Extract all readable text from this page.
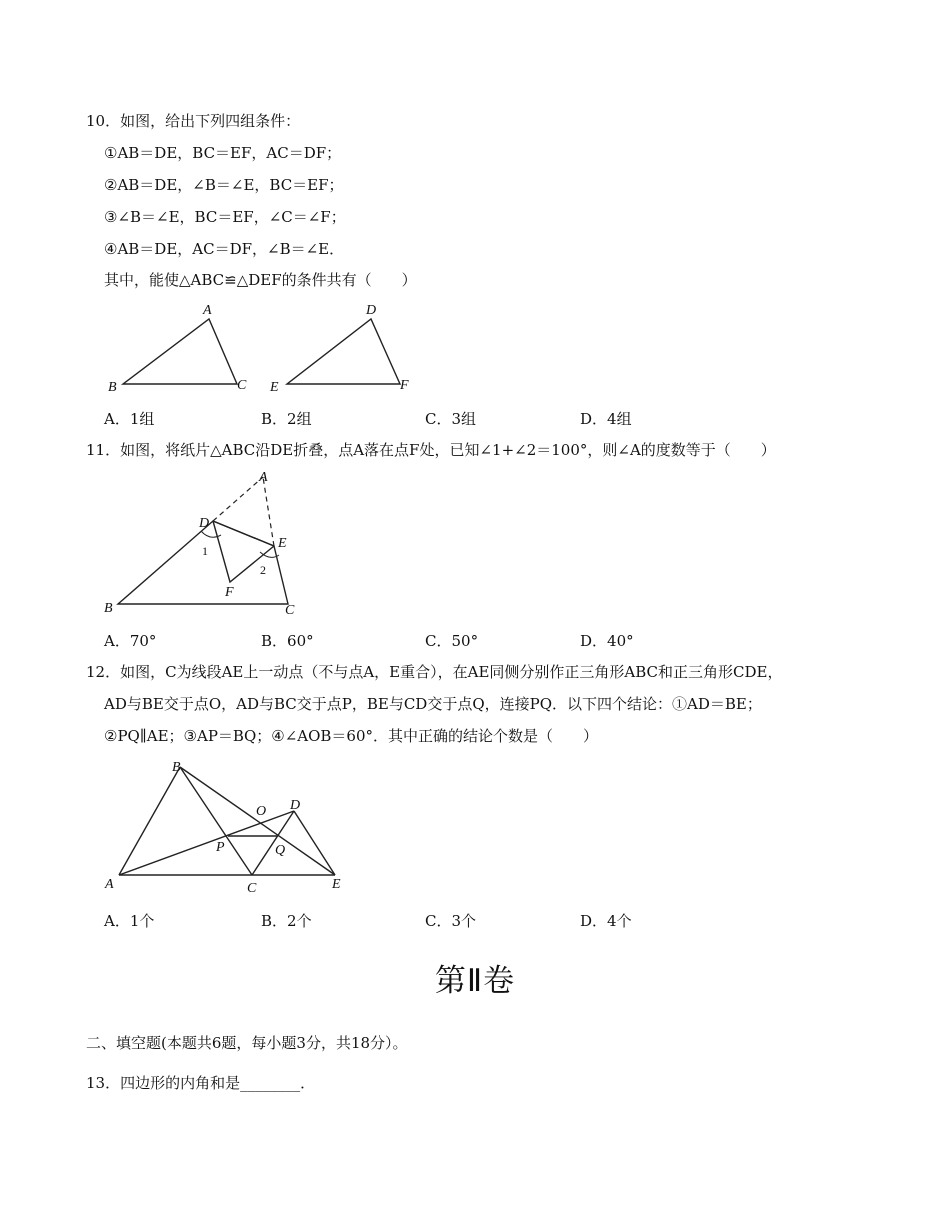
10．如图，给出下列四组条件：
①AB＝DE，BC＝EF，AC＝DF；
②AB＝DE，∠B＝∠E，BC＝EF；
③∠B＝∠E，BC＝EF，∠C＝∠F；
④AB＝DE，AC＝DF，∠B＝∠E．
其中，能使△ABC≌△DEF的条件共有（　　）
A
B	C
D
E	F
A．1组	B．2组	C．3组	D．4组
11．如图，将纸片△ABC沿DE折叠，点A落在点F处，已知∠1+∠2＝100°，则∠A的度数等于（　　）
A
B	C
D
E
F
1
2
A．70°	B．60°	C．50°	D．40°
12．如图，C为线段AE上一动点（不与点A，E重合），在AE同侧分别作正三角形ABC和正三角形CDE，
AD与BE交于点O，AD与BC交于点P，BE与CD交于点Q，连接PQ．以下四个结论：①AD＝BE；
②PQ∥AE；③AP＝BQ；④∠AOB＝60°．其中正确的结论个数是（　　）
A
B
C
D
E
O
P	Q
A．1个	B．2个	C．3个	D．4个
第Ⅱ卷
二、填空题(本题共6题，每小题3分，共18分）。
13．四边形的内角和是________．
